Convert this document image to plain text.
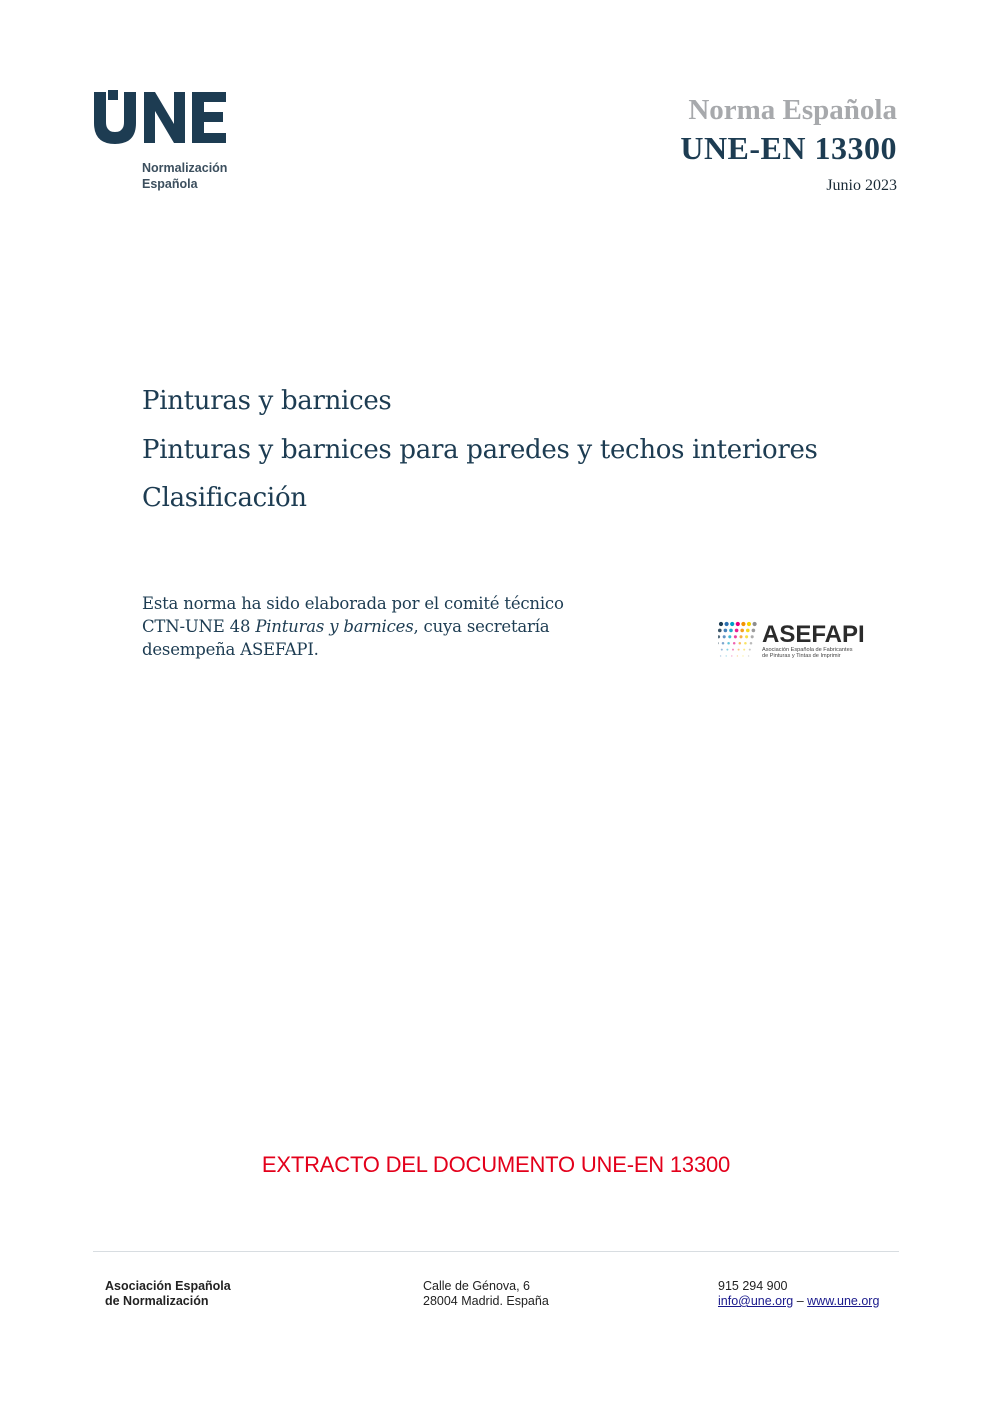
Normalización
Española
Norma Española
UNE-EN 13300
Junio 2023
Pinturas y barnices
Pinturas y barnices para paredes y techos interiores
Clasificación
Esta norma ha sido elaborada por el comité técnico
CTN-UNE 48 Pinturas y barnices, cuya secretaría
desempeña ASEFAPI.
ASEFAPI
Asociación Española de Fabricantes
de Pinturas y Tintas de Imprimir
EXTRACTO DEL DOCUMENTO UNE-EN 13300
Asociación Española
de Normalización
Calle de Génova, 6
28004 Madrid. España
915 294 900
info@une.org – www.une.org
